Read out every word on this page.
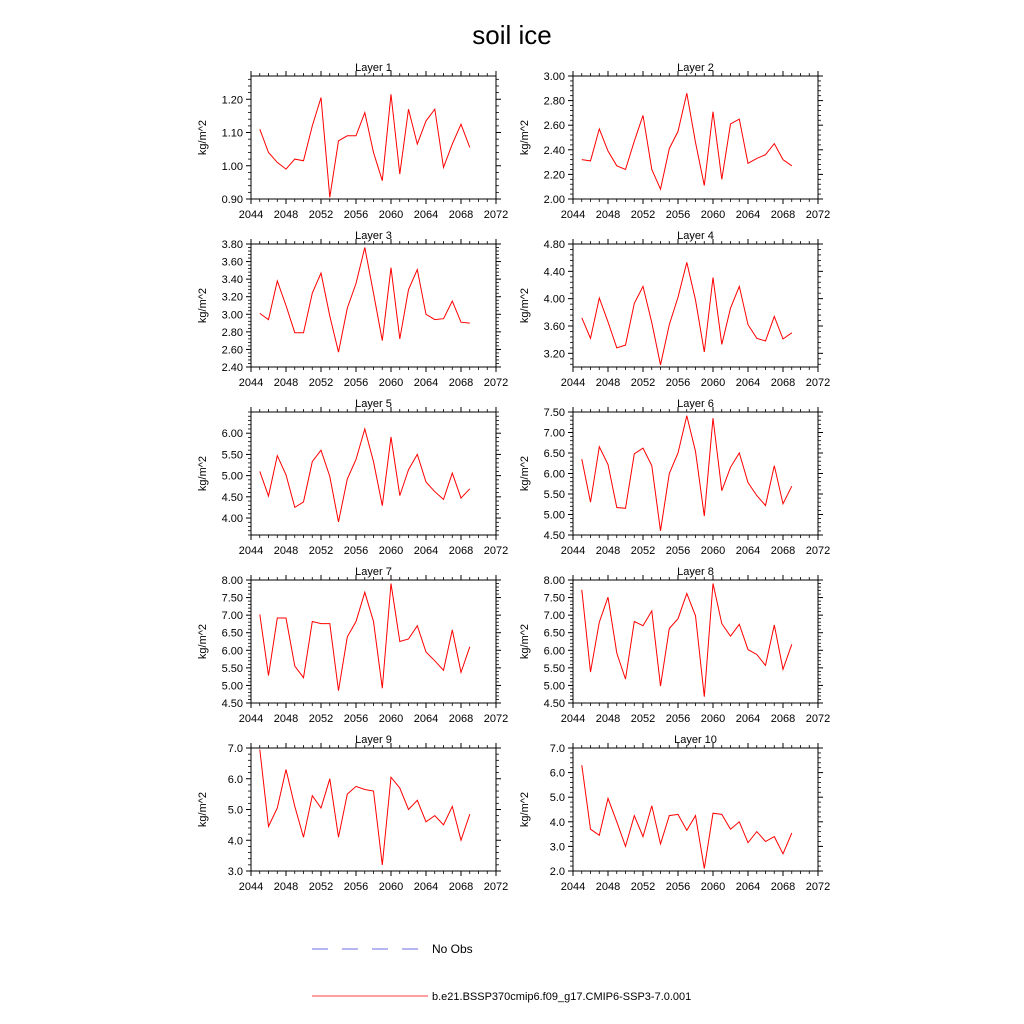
soil ice
Layer 1
2044 2048 2052 2056 2060 2064 2068 2072
0.90
1.00
1.10
1.20
kg/m^2
Layer 2
2044 2048 2052 2056 2060 2064 2068 2072
2.00
2.20
2.40
2.60
2.80
3.00
kg/m^2
Layer 3
2044 2048 2052 2056 2060 2064 2068 2072
2.40
2.60
2.80
3.00
3.20
3.40
3.60
3.80
kg/m^2
Layer 4
2044 2048 2052 2056 2060 2064 2068 2072
3.20
3.60
4.00
4.40
4.80
kg/m^2
Layer 5
2044 2048 2052 2056 2060 2064 2068 2072
4.00
4.50
5.00
5.50
6.00
kg/m^2
Layer 6
2044 2048 2052 2056 2060 2064 2068 2072
4.50
5.00
5.50
6.00
6.50
7.00
7.50
kg/m^2
Layer 7
2044 2048 2052 2056 2060 2064 2068 2072
4.50
5.00
5.50
6.00
6.50
7.00
7.50
8.00
kg/m^2
Layer 8
2044 2048 2052 2056 2060 2064 2068 2072
4.50
5.00
5.50
6.00
6.50
7.00
7.50
8.00
kg/m^2
Layer 9
2044 2048 2052 2056 2060 2064 2068 2072
3.0
4.0
5.0
6.0
7.0
kg/m^2
Layer 10
2044 2048 2052 2056 2060 2064 2068 2072
2.0
3.0
4.0
5.0
6.0
7.0
kg/m^2
No Obs
b.e21.BSSP370cmip6.f09_g17.CMIP6-SSP3-7.0.001
